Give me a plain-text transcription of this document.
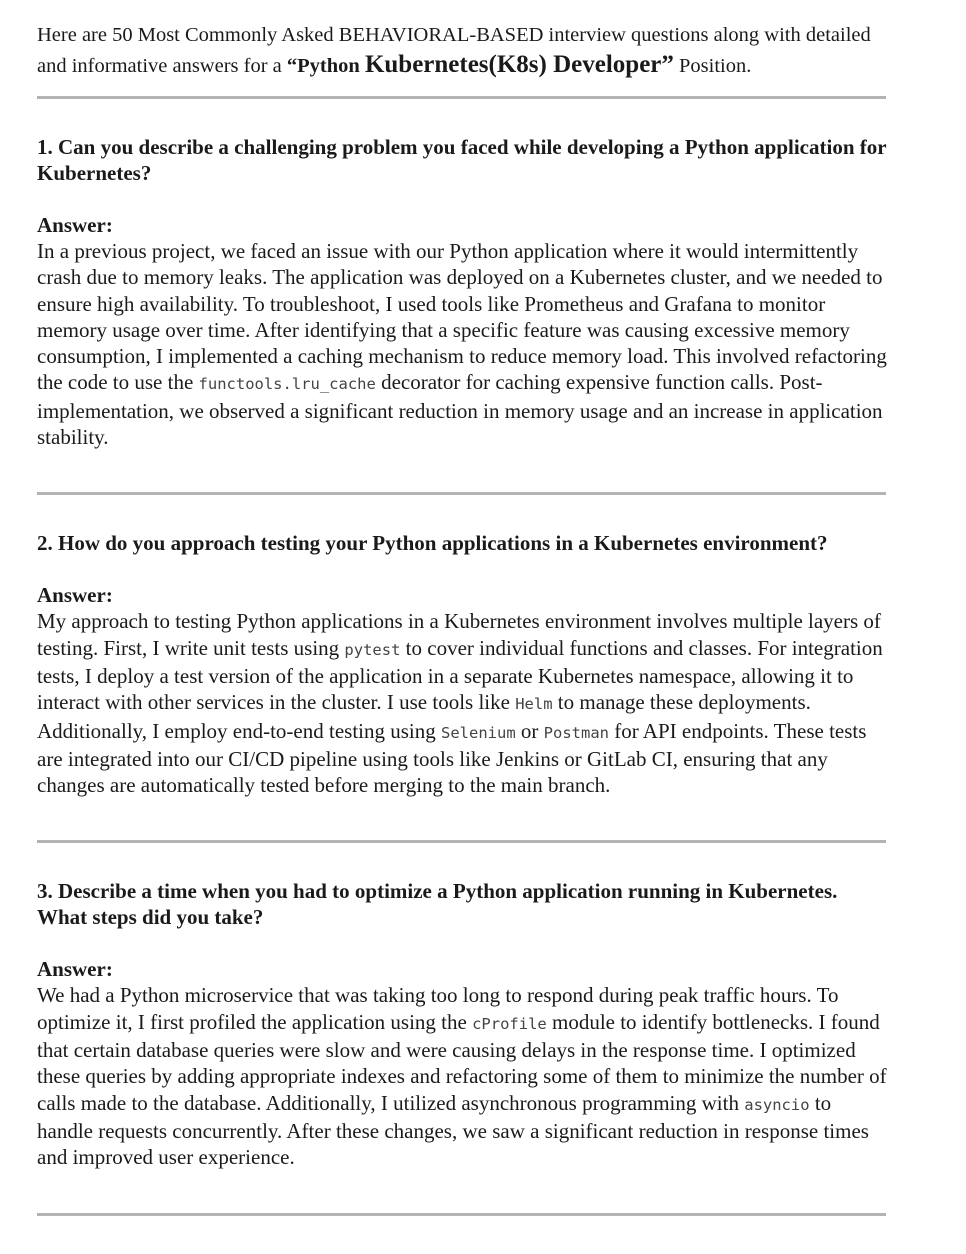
Here are 50 Most Commonly Asked BEHAVIORAL-BASED interview questions along with detailed and informative answers for a “Python Kubernetes(K8s) Developer” Position.

1. Can you describe a challenging problem you faced while developing a Python application for Kubernetes?

Answer:

In a previous project, we faced an issue with our Python application where it would intermittently crash due to memory leaks. The application was deployed on a Kubernetes cluster, and we needed to ensure high availability. To troubleshoot, I used tools like Prometheus and Grafana to monitor memory usage over time. After identifying that a specific feature was causing excessive memory consumption, I implemented a caching mechanism to reduce memory load. This involved refactoring the code to use the functools.lru_cache decorator for caching expensive function calls. Post-implementation, we observed a significant reduction in memory usage and an increase in application stability.

2. How do you approach testing your Python applications in a Kubernetes environment?

Answer:

My approach to testing Python applications in a Kubernetes environment involves multiple layers of testing. First, I write unit tests using pytest to cover individual functions and classes. For integration tests, I deploy a test version of the application in a separate Kubernetes namespace, allowing it to interact with other services in the cluster. I use tools like Helm to manage these deployments. Additionally, I employ end-to-end testing using Selenium or Postman for API endpoints. These tests are integrated into our CI/CD pipeline using tools like Jenkins or GitLab CI, ensuring that any changes are automatically tested before merging to the main branch.

3. Describe a time when you had to optimize a Python application running in Kubernetes. What steps did you take?

Answer:

We had a Python microservice that was taking too long to respond during peak traffic hours. To optimize it, I first profiled the application using the cProfile module to identify bottlenecks. I found that certain database queries were slow and were causing delays in the response time. I optimized these queries by adding appropriate indexes and refactoring some of them to minimize the number of calls made to the database. Additionally, I utilized asynchronous programming with asyncio to handle requests concurrently. After these changes, we saw a significant reduction in response times and improved user experience.
